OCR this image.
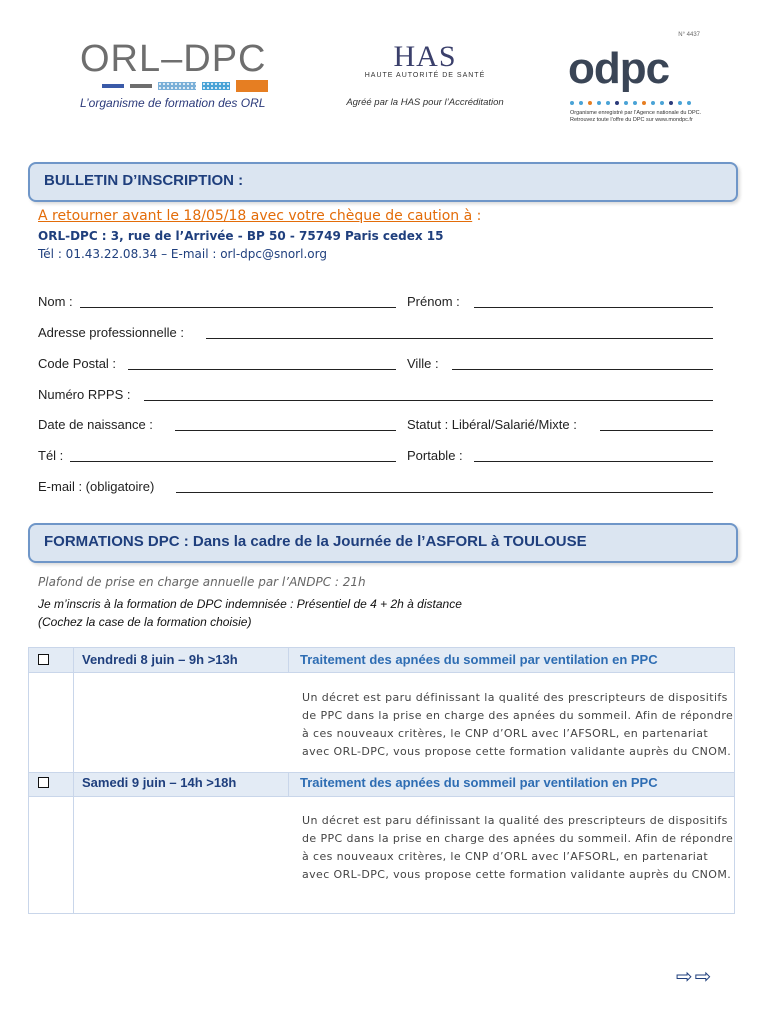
ORL–DPC
L’organisme de formation des ORL
HAS
HAUTE AUTORITÉ DE SANTÉ
Agréé par la HAS pour l’Accréditation
N° 4437
odpc
Organisme enregistré par l’Agence nationale du DPC. Retrouvez toute l’offre du DPC sur www.mondpc.fr
BULLETIN D’INSCRIPTION :
A retourner avant le 18/05/18 avec votre chèque de caution à :
ORL-DPC : 3, rue de l’Arrivée - BP 50 - 75749 Paris cedex 15
Tél : 01.43.22.08.34 – E-mail : orl-dpc@snorl.org
Nom :	Prénom :
Adresse professionnelle :
Code Postal :	Ville :
Numéro RPPS :
Date de naissance :	Statut : Libéral/Salarié/Mixte :
Tél :	Portable :
E-mail : (obligatoire)
FORMATIONS DPC : Dans la cadre de la Journée de l’ASFORL à TOULOUSE
Plafond de prise en charge annuelle par l’ANDPC : 21h
Je m’inscris à la formation de DPC indemnisée : Présentiel de 4 + 2h à distance
(Cochez la case de la formation choisie)
Vendredi 8 juin – 9h >13h	Traitement des apnées du sommeil par ventilation en PPC
Un décret est paru définissant la qualité des prescripteurs de dispositifs de PPC dans la prise en charge des apnées du sommeil. Afin de répondre à ces nouveaux critères, le CNP d’ORL avec l’AFSORL, en partenariat avec ORL-DPC, vous propose cette formation validante auprès du CNOM.
Samedi 9 juin – 14h >18h	Traitement des apnées du sommeil par ventilation en PPC
Un décret est paru définissant la qualité des prescripteurs de dispositifs de PPC dans la prise en charge des apnées du sommeil. Afin de répondre à ces nouveaux critères, le CNP d’ORL avec l’AFSORL, en partenariat avec ORL-DPC, vous propose cette formation validante auprès du CNOM.
⇨⇨
